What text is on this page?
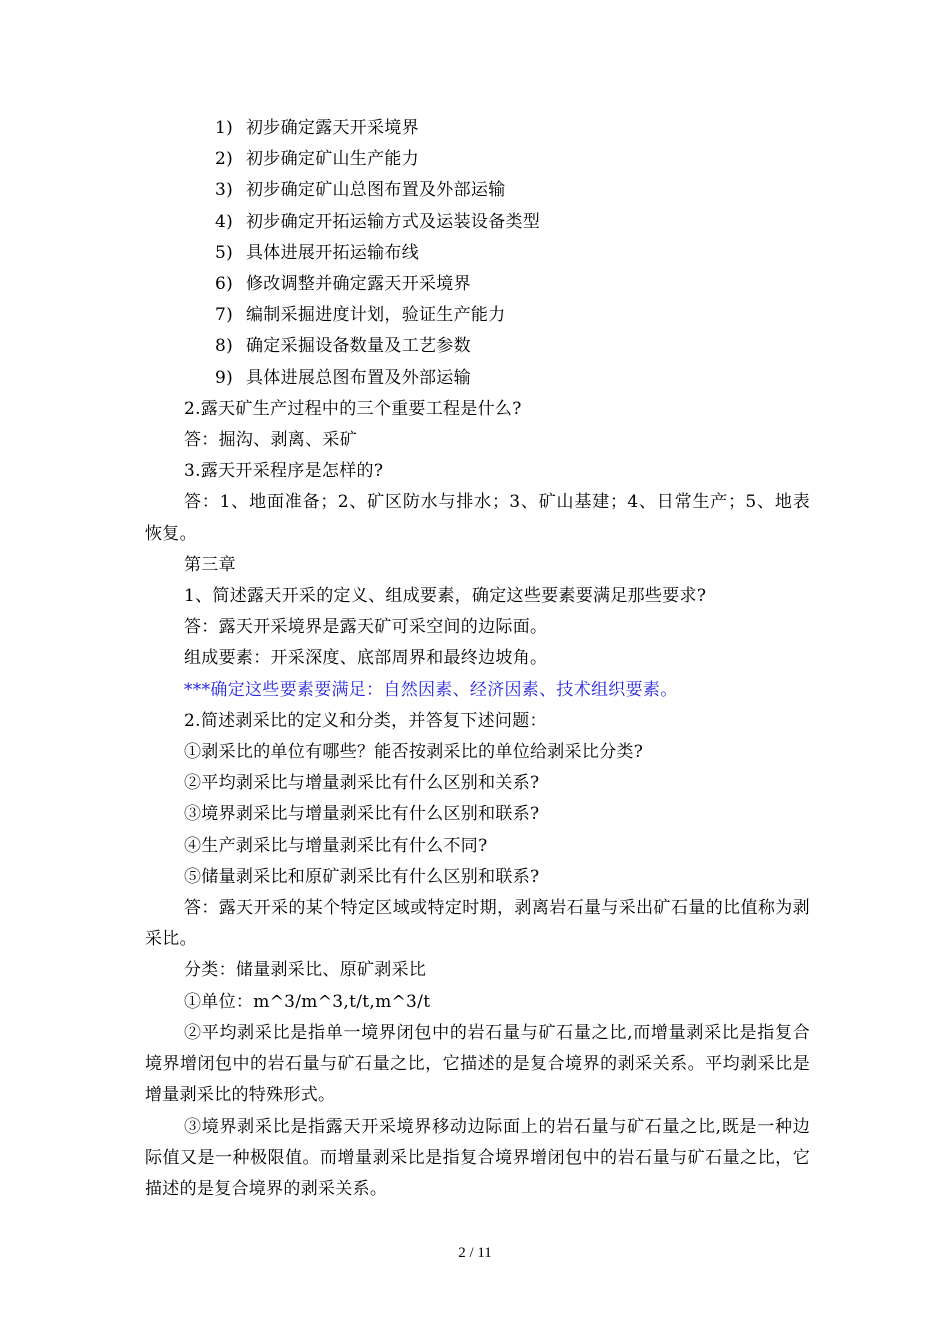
1) 初步确定露天开采境界
2) 初步确定矿山生产能力
3) 初步确定矿山总图布置及外部运输
4) 初步确定开拓运输方式及运装设备类型
5) 具体进展开拓运输布线
6) 修改调整并确定露天开采境界
7) 编制采掘进度计划，验证生产能力
8) 确定采掘设备数量及工艺参数
9) 具体进展总图布置及外部运输
2.露天矿生产过程中的三个重要工程是什么?
答：掘沟、剥离、采矿
3.露天开采程序是怎样的?
答：1、地面准备；2、矿区防水与排水；3、矿山基建；4、日常生产；5、地表恢复。
第三章
1、简述露天开采的定义、组成要素，确定这些要素要满足那些要求?
答：露天开采境界是露天矿可采空间的边际面。
组成要素：开采深度、底部周界和最终边坡角。
***确定这些要素要满足：自然因素、经济因素、技术组织要素。
2.简述剥采比的定义和分类，并答复下述问题：
①剥采比的单位有哪些？能否按剥采比的单位给剥采比分类?
②平均剥采比与增量剥采比有什么区别和关系?
③境界剥采比与增量剥采比有什么区别和联系?
④生产剥采比与增量剥采比有什么不同?
⑤储量剥采比和原矿剥采比有什么区别和联系?
答：露天开采的某个特定区域或特定时期，剥离岩石量与采出矿石量的比值称为剥采比。
分类：储量剥采比、原矿剥采比
①单位：m^3/m^3,t/t,m^3/t
②平均剥采比是指单一境界闭包中的岩石量与矿石量之比,而增量剥采比是指复合境界增闭包中的岩石量与矿石量之比，它描述的是复合境界的剥采关系。平均剥采比是增量剥采比的特殊形式。
③境界剥采比是指露天开采境界移动边际面上的岩石量与矿石量之比,既是一种边际值又是一种极限值。而增量剥采比是指复合境界增闭包中的岩石量与矿石量之比，它描述的是复合境界的剥采关系。
2 / 11
